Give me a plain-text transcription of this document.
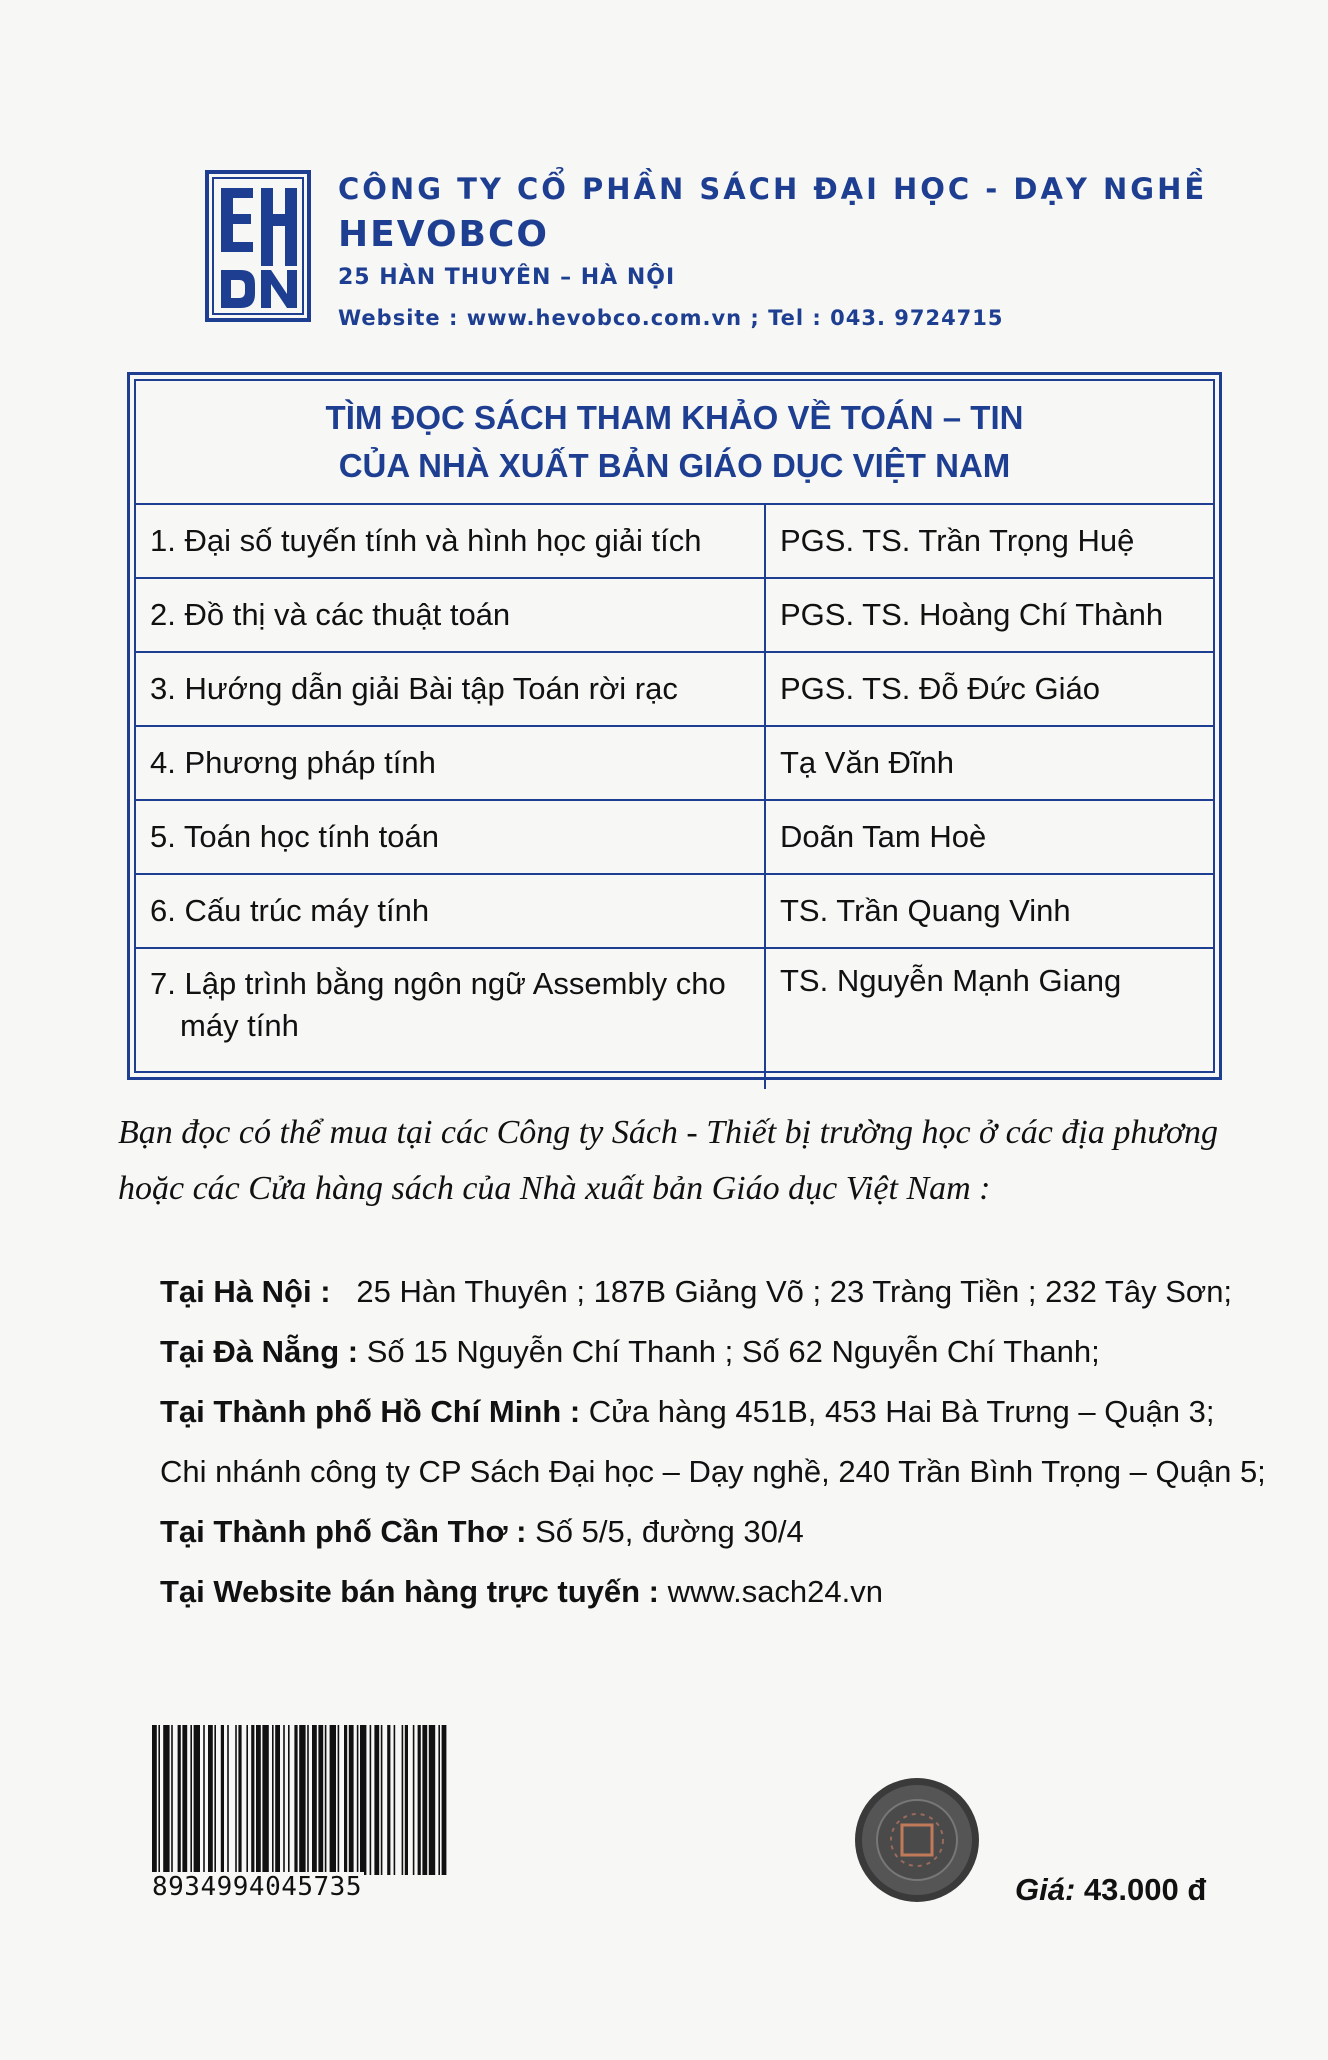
CÔNG TY CỔ PHẦN SÁCH ĐẠI HỌC - DẠY NGHỀ
HEVOBCO
25 HÀN THUYÊN – HÀ NỘI
Website : www.hevobco.com.vn ; Tel : 043. 9724715
TÌM ĐỌC SÁCH THAM KHẢO VỀ TOÁN – TIN
CỦA NHÀ XUẤT BẢN GIÁO DỤC VIỆT NAM
1. Đại số tuyến tính và hình học giải tích	PGS. TS. Trần Trọng Huệ

2. Đồ thị và các thuật toán	PGS. TS. Hoàng Chí Thành

3. Hướng dẫn giải Bài tập Toán rời rạc	PGS. TS. Đỗ Đức Giáo

4. Phương pháp tính	Tạ Văn Đĩnh

5. Toán học tính toán	Doãn Tam Hoè

6. Cấu trúc máy tính	TS. Trần Quang Vinh

7. Lập trình bằng ngôn ngữ Assembly cho máy tính	TS. Nguyễn Mạnh Giang
Bạn đọc có thể mua tại các Công ty Sách - Thiết bị trường học ở các địa phương hoặc các Cửa hàng sách của Nhà xuất bản Giáo dục Việt Nam :
Tại Hà Nội : 25 Hàn Thuyên ; 187B Giảng Võ ; 23 Tràng Tiền ; 232 Tây Sơn;
Tại Đà Nẵng : Số 15 Nguyễn Chí Thanh ; Số 62 Nguyễn Chí Thanh;
Tại Thành phố Hồ Chí Minh : Cửa hàng 451B, 453 Hai Bà Trưng – Quận 3;
Chi nhánh công ty CP Sách Đại học – Dạy nghề, 240 Trần Bình Trọng – Quận 5;
Tại Thành phố Cần Thơ : Số 5/5, đường 30/4
Tại Website bán hàng trực tuyến : www.sach24.vn
8934994045735	Giá: 43.000 đ
